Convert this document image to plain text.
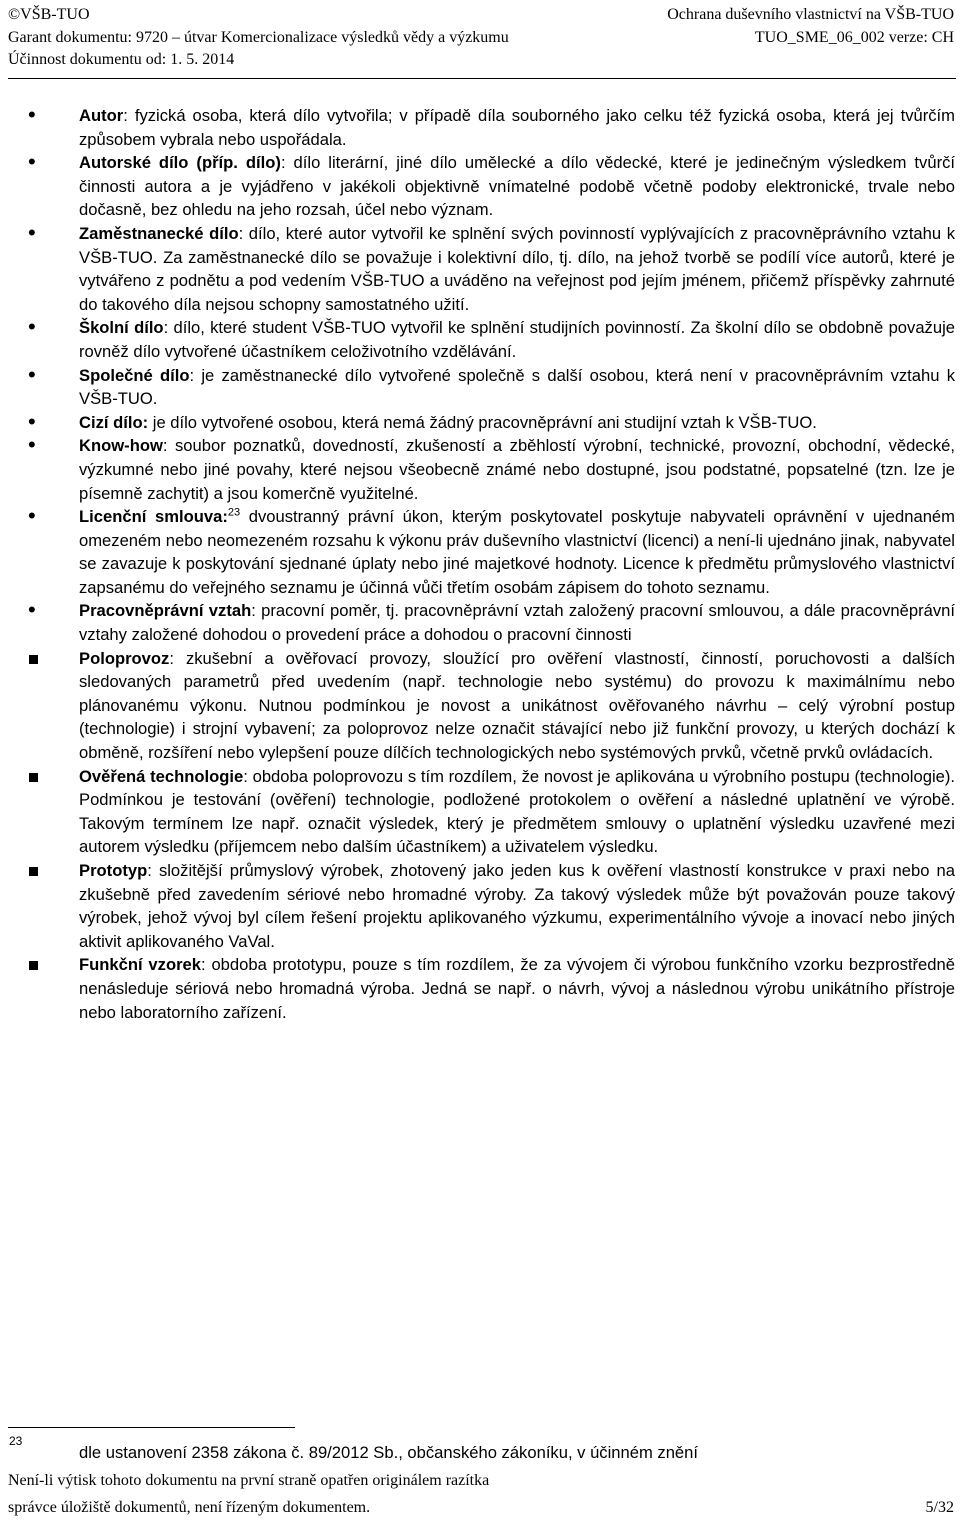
©VŠB-TUO	Ochrana duševního vlastnictví na VŠB-TUO
Garant dokumentu: 9720 – útvar Komercionalizace výsledků vědy a výzkumu	TUO_SME_06_002 verze: CH
Účinnost dokumentu od: 1. 5. 2014
•
Autor: fyzická osoba, která dílo vytvořila; v případě díla souborného jako celku též fyzická osoba, která jej tvůrčím způsobem vybrala nebo uspořádala.
•
Autorské dílo (příp. dílo): dílo literární, jiné dílo umělecké a dílo vědecké, které je jedinečným výsledkem tvůrčí činnosti autora a je vyjádřeno v jakékoli objektivně vnímatelné podobě včetně podoby elektronické, trvale nebo dočasně, bez ohledu na jeho rozsah, účel nebo význam.
•
Zaměstnanecké dílo: dílo, které autor vytvořil ke splnění svých povinností vyplývajících z pracovněprávního vztahu k VŠB-TUO. Za zaměstnanecké dílo se považuje i kolektivní dílo, tj. dílo, na jehož tvorbě se podílí více autorů, které je vytvářeno z podnětu a pod vedením VŠB-TUO a uváděno na veřejnost pod jejím jménem, přičemž příspěvky zahrnuté do takového díla nejsou schopny samostatného užití.
•
Školní dílo: dílo, které student VŠB-TUO vytvořil ke splnění studijních povinností. Za školní dílo se obdobně považuje rovněž dílo vytvořené účastníkem celoživotního vzdělávání.
•
Společné dílo: je zaměstnanecké dílo vytvořené společně s další osobou, která není v pracovněprávním vztahu k VŠB-TUO.
•
Cizí dílo: je dílo vytvořené osobou, která nemá žádný pracovněprávní ani studijní vztah k VŠB-TUO.
•
Know-how: soubor poznatků, dovedností, zkušeností a zběhlostí výrobní, technické, provozní, obchodní, vědecké, výzkumné nebo jiné povahy, které nejsou všeobecně známé nebo dostupné, jsou podstatné, popsatelné (tzn. lze je písemně zachytit) a jsou komerčně využitelné.
•
Licenční smlouva:$^{23}$ dvoustranný právní úkon, kterým poskytovatel poskytuje nabyvateli oprávnění v ujednaném omezeném nebo neomezeném rozsahu k výkonu práv duševního vlastnictví (licenci) a není-li ujednáno jinak, nabyvatel se zavazuje k poskytování sjednané úplaty nebo jiné majetkové hodnoty. Licence k předmětu průmyslového vlastnictví zapsanému do veřejného seznamu je účinná vůči třetím osobám zápisem do tohoto seznamu.
•
Pracovněprávní vztah: pracovní poměr, tj. pracovněprávní vztah založený pracovní smlouvou, a dále pracovněprávní vztahy založené dohodou o provedení práce a dohodou o pracovní činnosti
Poloprovoz: zkušební a ověřovací provozy, sloužící pro ověření vlastností, činností, poruchovosti a dalších sledovaných parametrů před uvedením (např. technologie nebo systému) do provozu k maximálnímu nebo plánovanému výkonu. Nutnou podmínkou je novost a unikátnost ověřovaného návrhu – celý výrobní postup (technologie) i strojní vybavení; za poloprovoz nelze označit stávající nebo již funkční provozy, u kterých dochází k obměně, rozšíření nebo vylepšení pouze dílčích technologických nebo systémových prvků, včetně prvků ovládacích.
Ověřená technologie: obdoba poloprovozu s tím rozdílem, že novost je aplikována u výrobního postupu (technologie). Podmínkou je testování (ověření) technologie, podložené protokolem o ověření a následné uplatnění ve výrobě. Takovým termínem lze např. označit výsledek, který je předmětem smlouvy o uplatnění výsledku uzavřené mezi autorem výsledku (příjemcem nebo dalším účastníkem) a uživatelem výsledku.
Prototyp: složitější průmyslový výrobek, zhotovený jako jeden kus k ověření vlastností konstrukce v praxi nebo na zkušebně před zavedením sériové nebo hromadné výroby. Za takový výsledek může být považován pouze takový výrobek, jehož vývoj byl cílem řešení projektu aplikovaného výzkumu, experimentálního vývoje a inovací nebo jiných aktivit aplikovaného VaVal.
Funkční vzorek: obdoba prototypu, pouze s tím rozdílem, že za vývojem či výrobou funkčního vzorku bezprostředně nenásleduje sériová nebo hromadná výroba. Jedná se např. o návrh, vývoj a následnou výrobu unikátního přístroje nebo laboratorního zařízení.
23
dle ustanovení 2358 zákona č. 89/2012 Sb., občanského zákoníku, v účinném znění
Není-li výtisk tohoto dokumentu na první straně opatřen originálem razítka
správce úložiště dokumentů, není řízeným dokumentem.	5/32
